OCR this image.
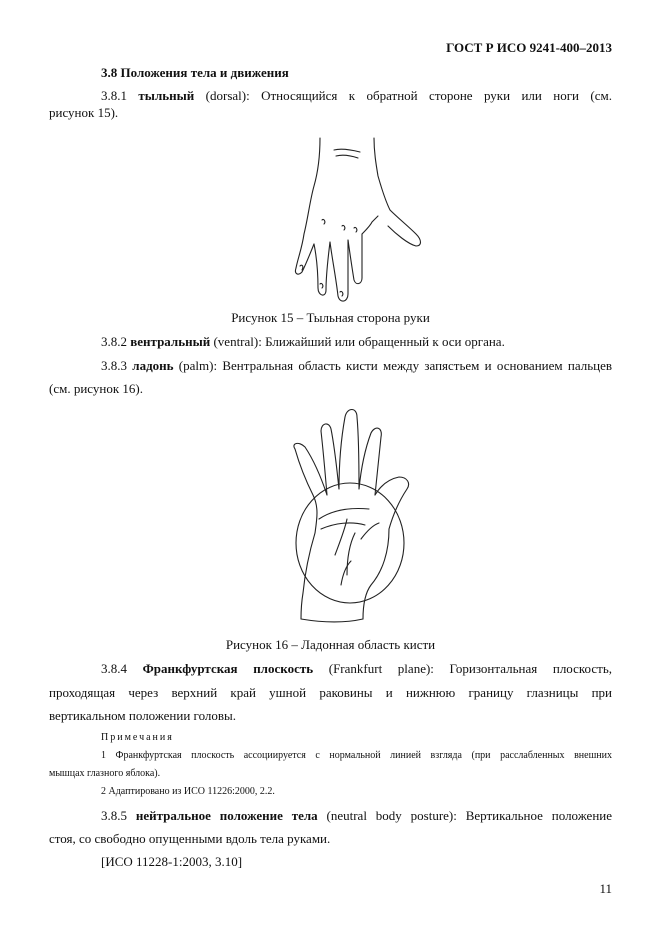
ГОСТ Р ИСО 9241-400–2013
3.8 Положения тела и движения
3.8.1 тыльный (dorsal): Относящийся к обратной стороне руки или ноги (см.
рисунок 15).
Рисунок 15 – Тыльная сторона руки
3.8.2 вентральный (ventral): Ближайший или обращенный к оси органа.
3.8.3 ладонь (palm): Вентральная область кисти между запястьем и основанием пальцев
(см. рисунок 16).
Рисунок 16 – Ладонная область кисти
3.8.4 Франкфуртская плоскость (Frankfurt plane): Горизонтальная плоскость,
проходящая через верхний край ушной раковины и нижнюю границу глазницы при
вертикальном положении головы.
Примечания
1 Франкфуртская плоскость ассоциируется с нормальной линией взгляда (при расслабленных внешних
мышцах глазного яблока).
2 Адаптировано из ИСО 11226:2000, 2.2.
3.8.5 нейтральное положение тела (neutral body posture): Вертикальное положение
стоя, со свободно опущенными вдоль тела руками.
[ИСО 11228-1:2003, 3.10]
11
